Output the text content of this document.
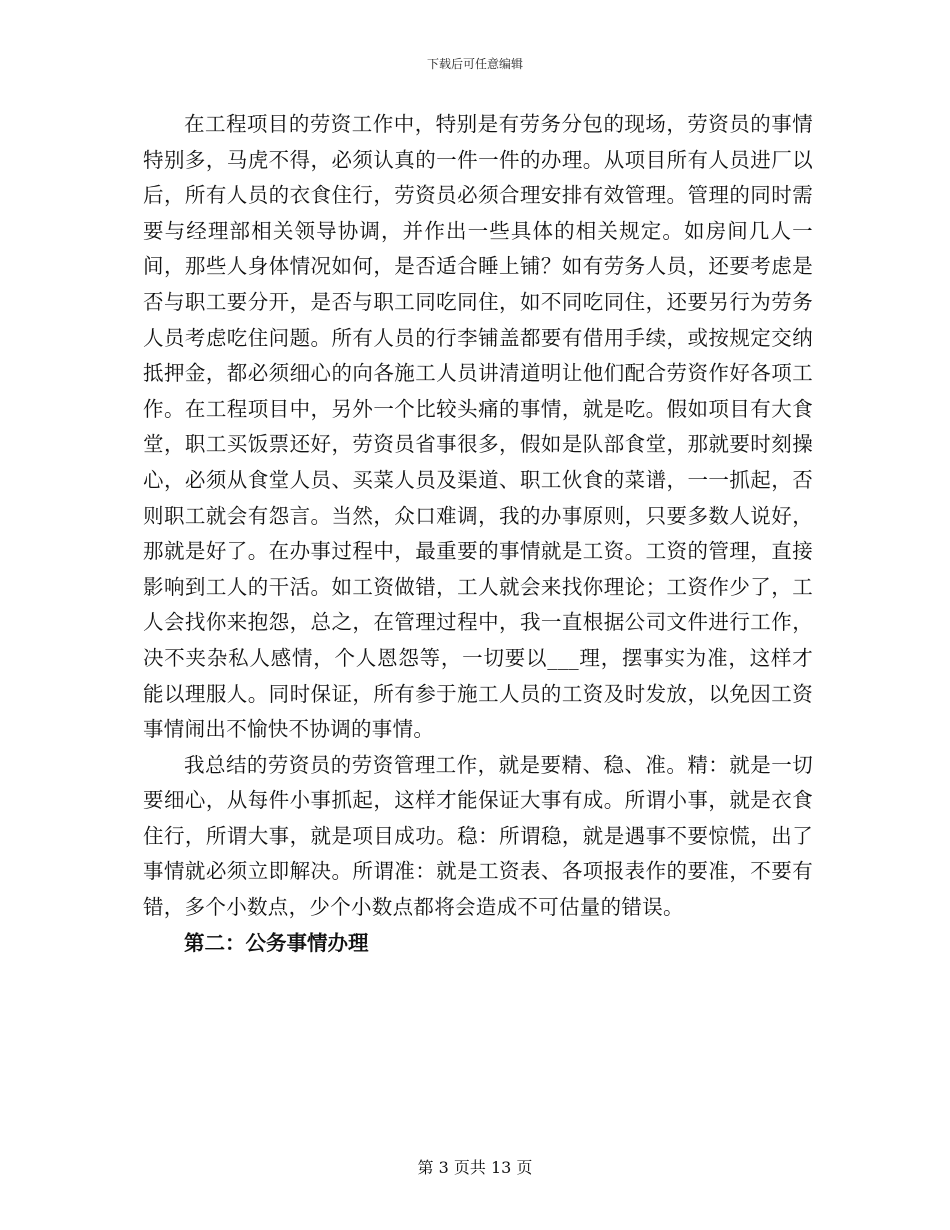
下载后可任意编辑

在工程项目的劳资工作中，特别是有劳务分包的现场，劳资员的事情特别多，马虎不得，必须认真的一件一件的办理。从项目所有人员进厂以后，所有人员的衣食住行，劳资员必须合理安排有效管理。管理的同时需要与经理部相关领导协调，并作出一些具体的相关规定。如房间几人一间，那些人身体情况如何，是否适合睡上铺？如有劳务人员，还要考虑是否与职工要分开，是否与职工同吃同住，如不同吃同住，还要另行为劳务人员考虑吃住问题。所有人员的行李铺盖都要有借用手续，或按规定交纳抵押金，都必须细心的向各施工人员讲清道明让他们配合劳资作好各项工作。在工程项目中，另外一个比较头痛的事情，就是吃。假如项目有大食堂，职工买饭票还好，劳资员省事很多，假如是队部食堂，那就要时刻操心，必须从食堂人员、买菜人员及渠道、职工伙食的菜谱，一一抓起，否则职工就会有怨言。当然，众口难调，我的办事原则，只要多数人说好，那就是好了。在办事过程中，最重要的事情就是工资。工资的管理，直接影响到工人的干活。如工资做错，工人就会来找你理论；工资作少了，工人会找你来抱怨，总之，在管理过程中，我一直根据公司文件进行工作，决不夹杂私人感情，个人恩怨等，一切要以___理，摆事实为准，这样才能以理服人。同时保证，所有参于施工人员的工资及时发放，以免因工资事情闹出不愉快不协调的事情。

我总结的劳资员的劳资管理工作，就是要精、稳、准。精：就是一切要细心，从每件小事抓起，这样才能保证大事有成。所谓小事，就是衣食住行，所谓大事，就是项目成功。稳：所谓稳，就是遇事不要惊慌，出了事情就必须立即解决。所谓准：就是工资表、各项报表作的要准，不要有错，多个小数点，少个小数点都将会造成不可估量的错误。

第二：公务事情办理

第 3 页共 13 页
